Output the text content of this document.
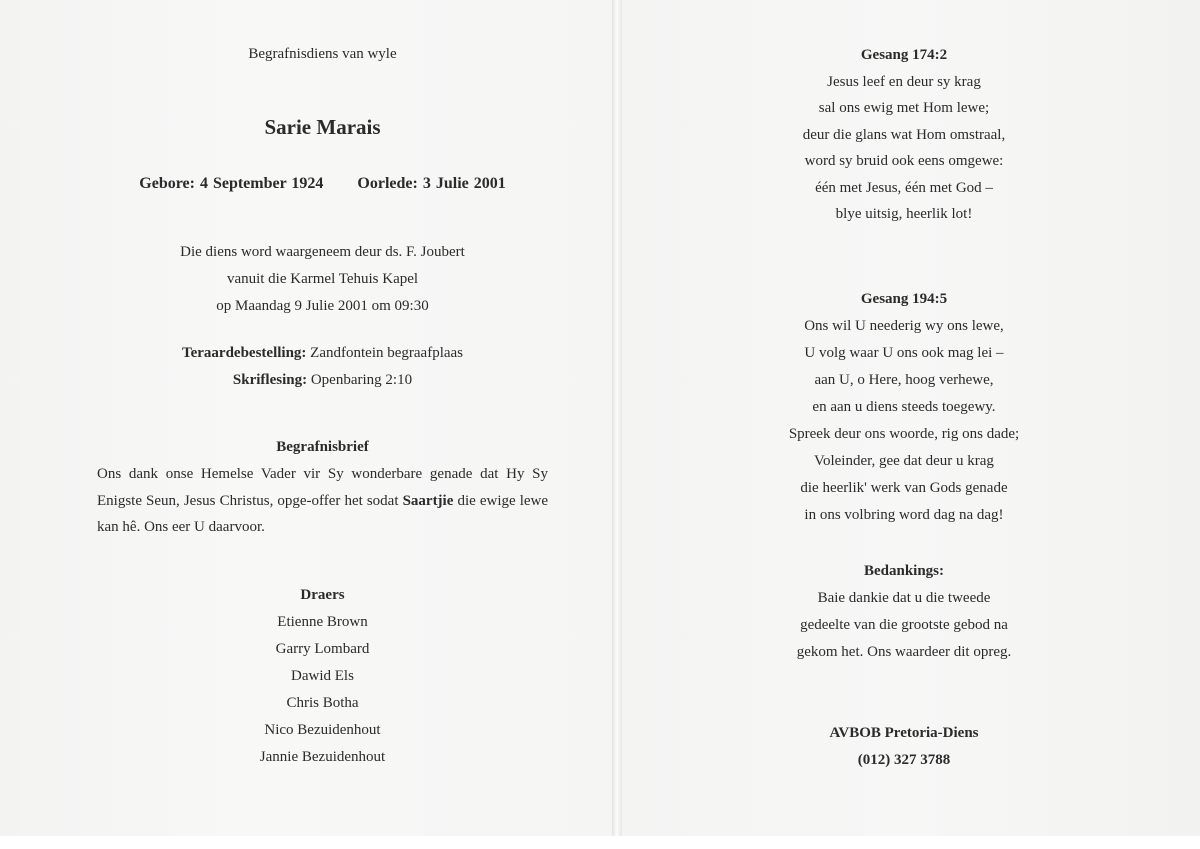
Begrafnisdiens van wyle

Sarie Marais

Gebore: 4 September 1924 Oorlede: 3 Julie 2001

Die diens word waargeneem deur ds. F. Joubert

vanuit die Karmel Tehuis Kapel

op Maandag 9 Julie 2001 om 09:30

Teraardebestelling: Zandfontein begraafplaas

Skriflesing: Openbaring 2:10

Begrafnisbrief

Ons dank onse Hemelse Vader vir Sy wonderbare genade dat Hy Sy Enigste Seun, Jesus Christus, opge-offer het sodat Saartjie die ewige lewe kan hê. Ons eer U daarvoor.

Draers

Etienne Brown

Garry Lombard

Dawid Els

Chris Botha

Nico Bezuidenhout

Jannie Bezuidenhout

Gesang 174:2

Jesus leef en deur sy krag

sal ons ewig met Hom lewe;

deur die glans wat Hom omstraal,

word sy bruid ook eens omgewe:

één met Jesus, één met God –

blye uitsig, heerlik lot!

Gesang 194:5

Ons wil U neederig wy ons lewe,

U volg waar U ons ook mag lei –

aan U, o Here, hoog verhewe,

en aan u diens steeds toegewy.

Spreek deur ons woorde, rig ons dade;

Voleinder, gee dat deur u krag

die heerlik' werk van Gods genade

in ons volbring word dag na dag!

Bedankings:

Baie dankie dat u die tweede

gedeelte van die grootste gebod na

gekom het. Ons waardeer dit opreg.

AVBOB Pretoria-Diens

(012) 327 3788
